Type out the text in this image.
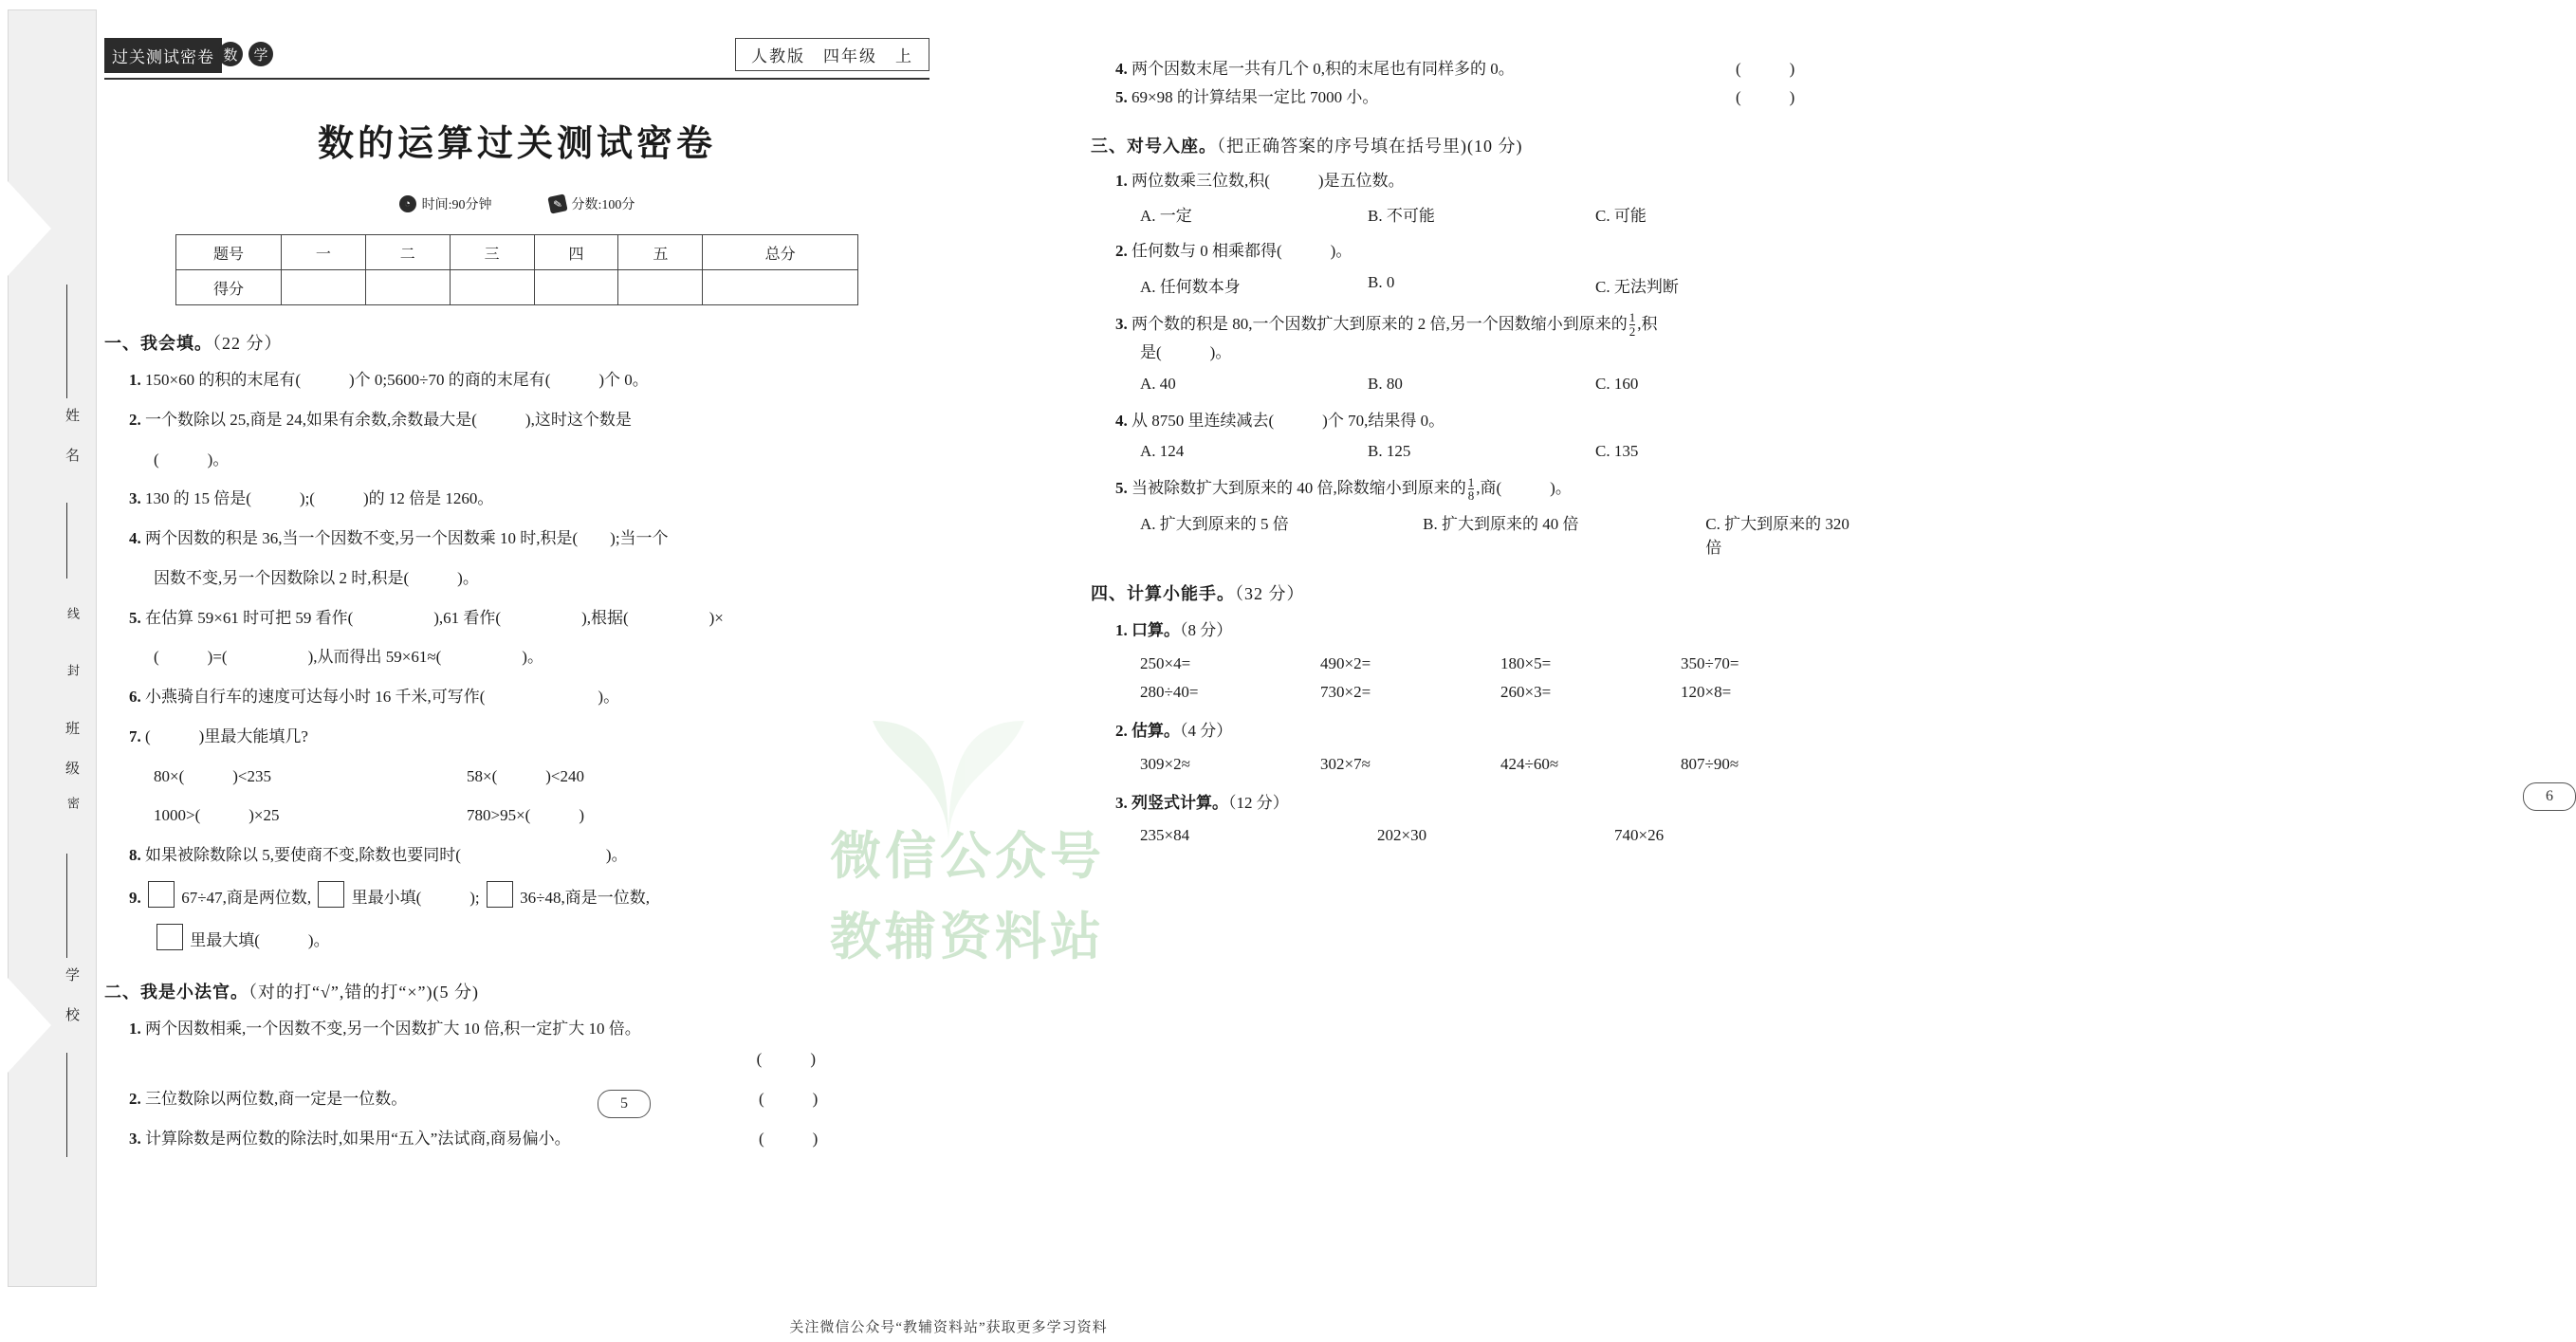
姓　名
线
封
班　级
密
学　校
微信公众号
教辅资料站
过关测试密卷 数	学	人教版　四年级　上
数的运算过关测试密卷
◔ 时间:90分钟	✎ 分数:100分
题号	一	二	三	四	五	总分
得分						
一、我会填。（22 分）
1. 150×60 的积的末尾有(　　　)个 0;5600÷70 的商的末尾有(　　　)个 0。
2. 一个数除以 25,商是 24,如果有余数,余数最大是(　　　),这时这个数是
(　　　)。
3. 130 的 15 倍是(　　　);(　　　)的 12 倍是 1260。
4. 两个因数的积是 36,当一个因数不变,另一个因数乘 10 时,积是(　　);当一个
因数不变,另一个因数除以 2 时,积是(　　　)。
5. 在估算 59×61 时可把 59 看作(　　　　　),61 看作(　　　　　),根据(　　　　　)×
(　　　)=(　　　　　),从而得出 59×61≈(　　　　　)。
6. 小燕骑自行车的速度可达每小时 16 千米,可写作(　　　　　　　)。
7. (　　　)里最大能填几?
80×(　　　)<235	58×(　　　)<240
1000>(　　　)×25	780>95×(　　　)
8. 如果被除数除以 5,要使商不变,除数也要同时(　　　　　　　　　)。
9.	67÷47,商是两位数,	里最小填(　　　);	36÷48,商是一位数,
里最大填(　　　)。
二、我是小法官。（对的打“√”,错的打“×”)(5 分)
1. 两个因数相乘,一个因数不变,另一个因数扩大 10 倍,积一定扩大 10 倍。
(　　　)
2. 三位数除以两位数,商一定是一位数。	(　　　)
3. 计算除数是两位数的除法时,如果用“五入”法试商,商易偏小。	(　　　)
5
4. 两个因数末尾一共有几个 0,积的末尾也有同样多的 0。	(　　　)
5. 69×98 的计算结果一定比 7000 小。	(　　　)
三、对号入座。（把正确答案的序号填在括号里)(10 分)
1. 两位数乘三位数,积(　　　)是五位数。
A. 一定	B. 不可能	C. 可能
2. 任何数与 0 相乘都得(　　　)。
A. 任何数本身	B. 0	C. 无法判断
3. 两个数的积是 80,一个因数扩大到原来的 2 倍,另一个因数缩小到原来的 $\frac{1}{2}$ ,积
是(　　　)。
A. 40	B. 80	C. 160
4. 从 8750 里连续减去(　　　)个 70,结果得 0。
A. 124	B. 125	C. 135
5. 当被除数扩大到原来的 40 倍,除数缩小到原来的 $\frac{1}{8}$ ,商(　　　)。
A. 扩大到原来的 5 倍	B. 扩大到原来的 40 倍	C. 扩大到原来的 320 倍
四、计算小能手。（32 分）
1. 口算。（8 分）
250×4=	490×2=	180×5=	350÷70=
280÷40=	730×2=	260×3=	120×8=
2. 估算。（4 分）
309×2≈	302×7≈	424÷60≈	807÷90≈
3. 列竖式计算。（12 分）
235×84	202×30	740×26
6
关注微信公众号“教辅资料站”获取更多学习资料
